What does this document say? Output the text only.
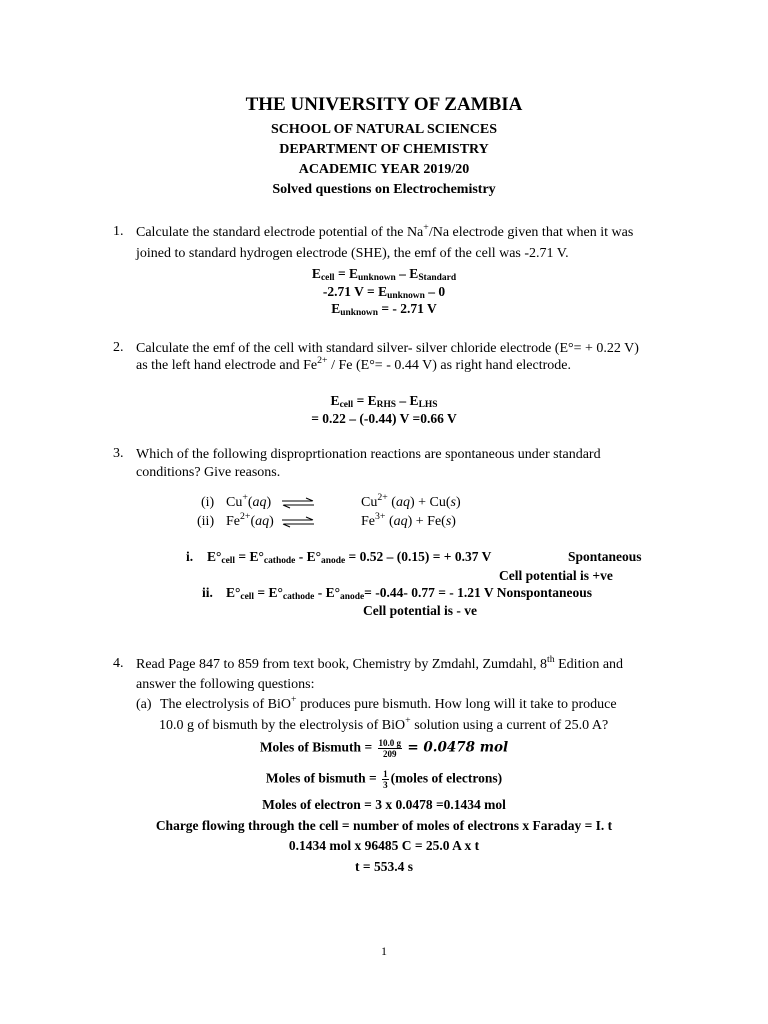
THE UNIVERSITY OF ZAMBIA
SCHOOL OF NATURAL SCIENCES
DEPARTMENT OF CHEMISTRY
ACADEMIC YEAR 2019/20
Solved questions on Electrochemistry
1. Calculate the standard electrode potential of the Na+/Na electrode given that when it was
joined to standard hydrogen electrode (SHE), the emf of the cell was -2.71 V.
$E_{cell} = E_{unknown} - E_{Standard}$
-2.71 $V = E_{unknown} - 0$
$E_{unknown}$ = - 2.71 V
2. Calculate the emf of the cell with standard silver- silver chloride electrode (E°= + 0.22 V)
as the left hand electrode and $Fe^{2+}$ / Fe (E°= - 0.44 V) as right hand electrode.
$E_{cell} = E_{RHS} - E_{LHS}$
= 0.22 – (-0.44) V =0.66 V
3. Which of the following disproprtionation reactions are spontaneous under standard
conditions? Give reasons.
(i) Cu+(aq) ⇌	$Cu^{2+}$ (aq) + Cu(s)
(ii) $Fe^{2+}(aq)$ ⇌	$Fe^{3+}$ (aq) + Fe(s)
i. $E^\circ_{cell} = E^\circ_{cathode} - E^\circ_{anode} = 0.52 - (0.15)$ = + 0.37 V	Spontaneous
Cell potential is +ve
ii. $E^\circ_{cell} = E^\circ_{cathode} - E^\circ_{anode}= -0.44-$ 0.77 = - 1.21 V Nonspontaneous
Cell potential is - ve
4. Read Page 847 to 859 from text book, Chemistry by Zmdahl, Zumdahl, 8th Edition and
answer the following questions:
(a) The electrolysis of BiO+ produces pure bismuth. How long will it take to produce
10.0 g of bismuth by the electrolysis of BiO+ solution using a current of 25.0 A?
Moles of Bismuth = $\frac{10.0 g}{209} = 0.0478$ mol
Moles of bismuth = $\frac{1}{3}$ (moles of electrons)
Moles of electron = 3 x 0.0478 =0.1434 mol
Charge flowing through the cell = number of moles of electrons x Faraday = I. t
0.1434 mol x 96485 C = 25.0 A x t
t = 553.4 s
1
